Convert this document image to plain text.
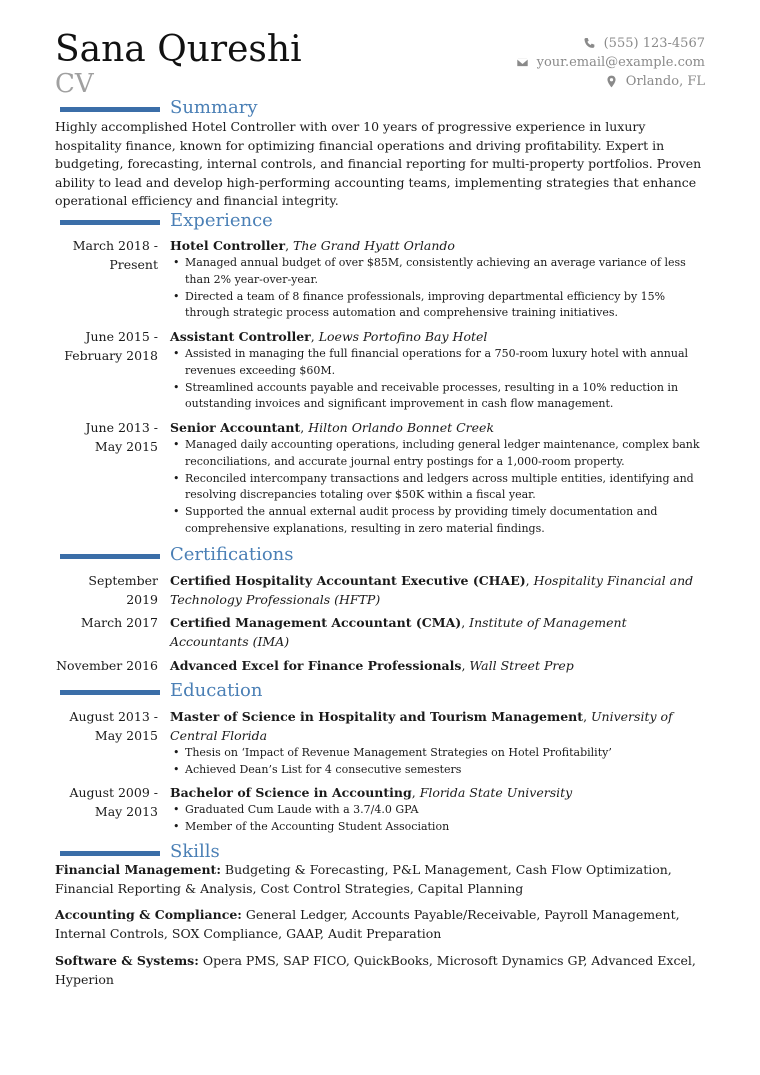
Sana Qureshi
CV
(555) 123-4567
your.email@example.com
Orlando, FL
Summary
Highly accomplished Hotel Controller with over 10 years of progressive experience in luxury hospitality finance, known for optimizing financial operations and driving profitability. Expert in budgeting, forecasting, internal controls, and financial reporting for multi-property portfolios. Proven ability to lead and develop high-performing accounting teams, implementing strategies that enhance operational efficiency and financial integrity.
Experience
March 2018 -
Present
Hotel Controller, The Grand Hyatt Orlando
• Managed annual budget of over $85M, consistently achieving an average variance of less than 2% year-over-year.
• Directed a team of 8 finance professionals, improving departmental efficiency by 15% through strategic process automation and comprehensive training initiatives.
June 2015 -
February 2018
Assistant Controller, Loews Portofino Bay Hotel
• Assisted in managing the full financial operations for a 750-room luxury hotel with annual revenues exceeding $60M.
• Streamlined accounts payable and receivable processes, resulting in a 10% reduction in outstanding invoices and significant improvement in cash flow management.
June 2013 -
May 2015
Senior Accountant, Hilton Orlando Bonnet Creek
• Managed daily accounting operations, including general ledger maintenance, complex bank reconciliations, and accurate journal entry postings for a 1,000-room property.
• Reconciled intercompany transactions and ledgers across multiple entities, identifying and resolving discrepancies totaling over $50K within a fiscal year.
• Supported the annual external audit process by providing timely documentation and comprehensive explanations, resulting in zero material findings.
Certifications
September
2019
Certified Hospitality Accountant Executive (CHAE), Hospitality Financial and Technology Professionals (HFTP)
March 2017 Certified Management Accountant (CMA), Institute of Management Accountants (IMA)
November 2016 Advanced Excel for Finance Professionals, Wall Street Prep
Education
August 2013 -
May 2015
Master of Science in Hospitality and Tourism Management, University of Central Florida
• Thesis on ‘Impact of Revenue Management Strategies on Hotel Profitability’
• Achieved Dean’s List for 4 consecutive semesters
August 2009 -
May 2013
Bachelor of Science in Accounting, Florida State University
• Graduated Cum Laude with a 3.7/4.0 GPA
• Member of the Accounting Student Association
Skills
Financial Management: Budgeting & Forecasting, P&L Management, Cash Flow Optimization, Financial Reporting & Analysis, Cost Control Strategies, Capital Planning
Accounting & Compliance: General Ledger, Accounts Payable/Receivable, Payroll Management, Internal Controls, SOX Compliance, GAAP, Audit Preparation
Software & Systems: Opera PMS, SAP FICO, QuickBooks, Microsoft Dynamics GP, Advanced Excel, Hyperion
